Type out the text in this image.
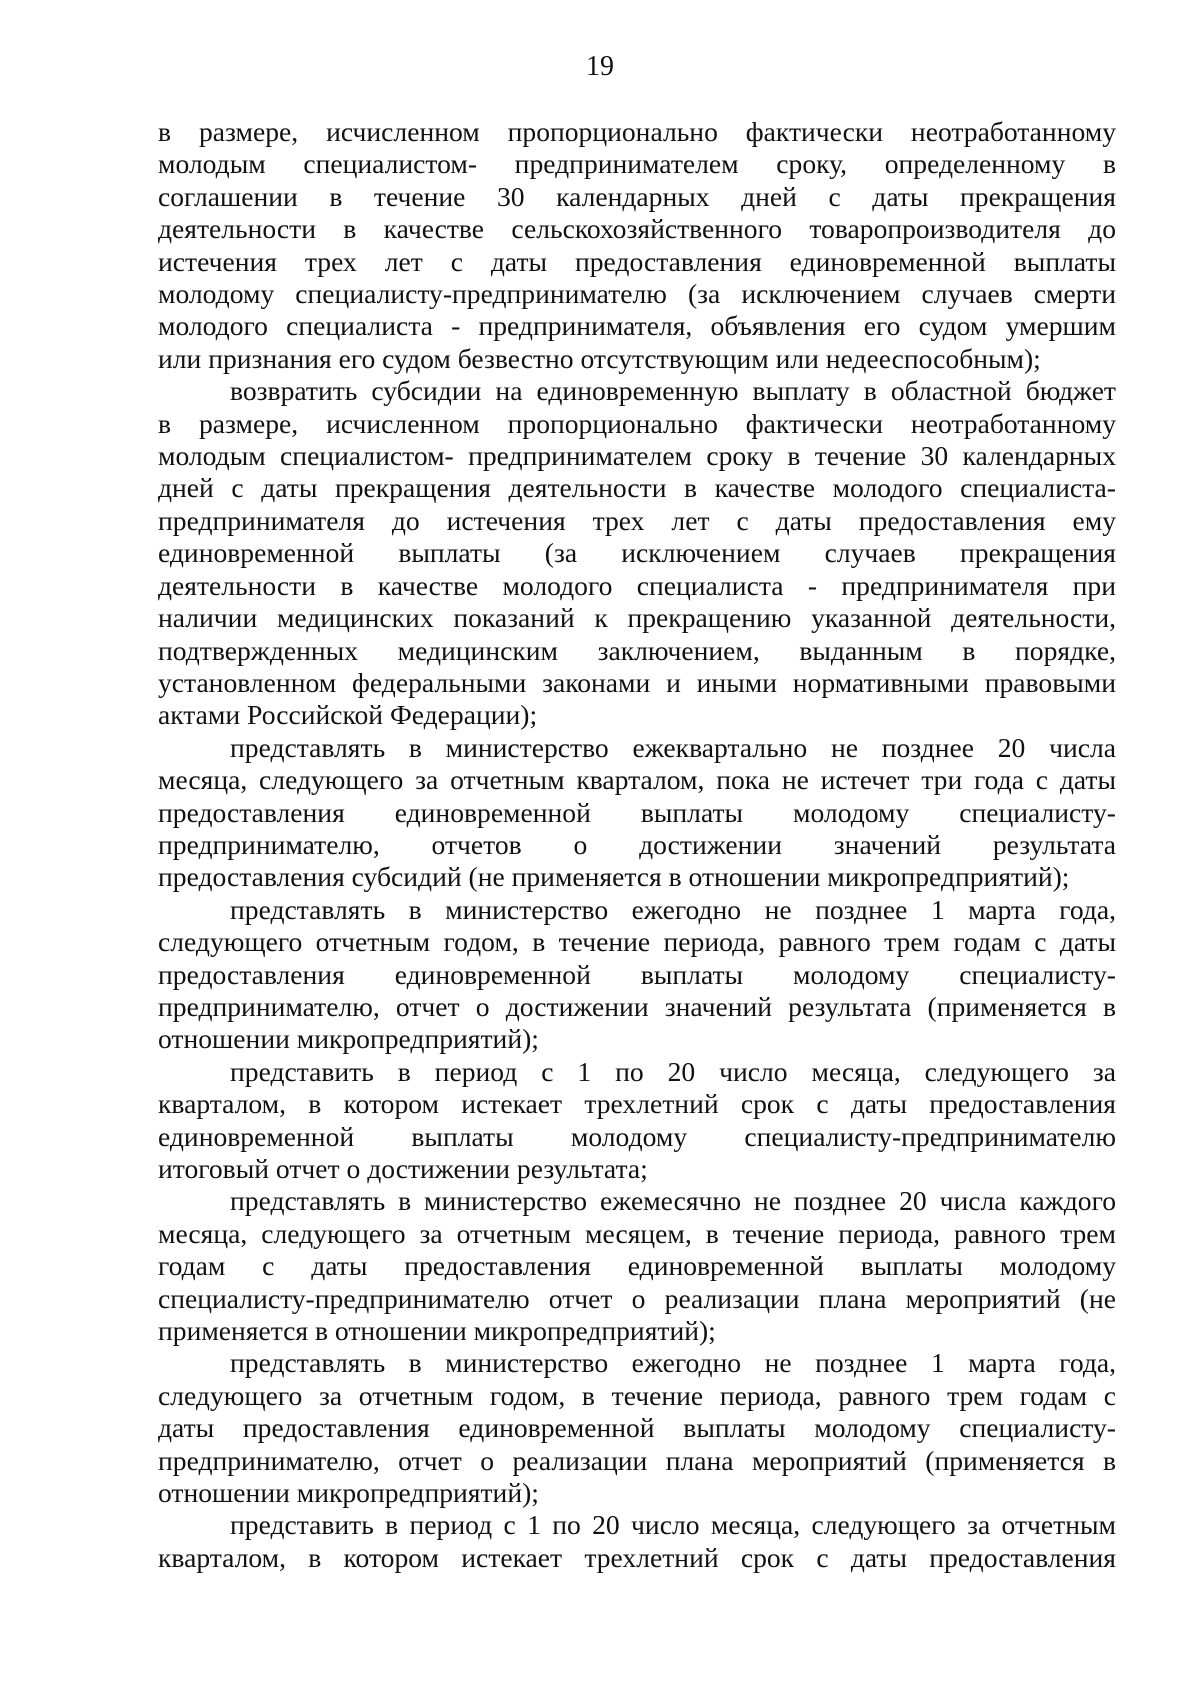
19
в размере, исчисленном пропорционально фактически неотработанному
молодым специалистом- предпринимателем сроку, определенному в
соглашении в течение 30 календарных дней с даты прекращения
деятельности в качестве сельскохозяйственного товаропроизводителя до
истечения трех лет с даты предоставления единовременной выплаты
молодому специалисту-предпринимателю (за исключением случаев смерти
молодого специалиста - предпринимателя, объявления его судом умершим
или признания его судом безвестно отсутствующим или недееспособным);
возвратить субсидии на единовременную выплату в областной бюджет
в размере, исчисленном пропорционально фактически неотработанному
молодым специалистом- предпринимателем сроку в течение 30 календарных
дней с даты прекращения деятельности в качестве молодого специалиста-
предпринимателя до истечения трех лет с даты предоставления ему
единовременной выплаты (за исключением случаев прекращения
деятельности в качестве молодого специалиста - предпринимателя при
наличии медицинских показаний к прекращению указанной деятельности,
подтвержденных медицинским заключением, выданным в порядке,
установленном федеральными законами и иными нормативными правовыми
актами Российской Федерации);
представлять в министерство ежеквартально не позднее 20 числа
месяца, следующего за отчетным кварталом, пока не истечет три года с даты
предоставления единовременной выплаты молодому специалисту-
предпринимателю, отчетов о достижении значений результата
предоставления субсидий (не применяется в отношении микропредприятий);
представлять в министерство ежегодно не позднее 1 марта года,
следующего отчетным годом, в течение периода, равного трем годам с даты
предоставления единовременной выплаты молодому специалисту-
предпринимателю, отчет о достижении значений результата (применяется в
отношении микропредприятий);
представить в период с 1 по 20 число месяца, следующего за
кварталом, в котором истекает трехлетний срок с даты предоставления
единовременной выплаты молодому специалисту-предпринимателю
итоговый отчет о достижении результата;
представлять в министерство ежемесячно не позднее 20 числа каждого
месяца, следующего за отчетным месяцем, в течение периода, равного трем
годам с даты предоставления единовременной выплаты молодому
специалисту-предпринимателю отчет о реализации плана мероприятий (не
применяется в отношении микропредприятий);
представлять в министерство ежегодно не позднее 1 марта года,
следующего за отчетным годом, в течение периода, равного трем годам с
даты предоставления единовременной выплаты молодому специалисту-
предпринимателю, отчет о реализации плана мероприятий (применяется в
отношении микропредприятий);
представить в период с 1 по 20 число месяца, следующего за отчетным
кварталом, в котором истекает трехлетний срок с даты предоставления
